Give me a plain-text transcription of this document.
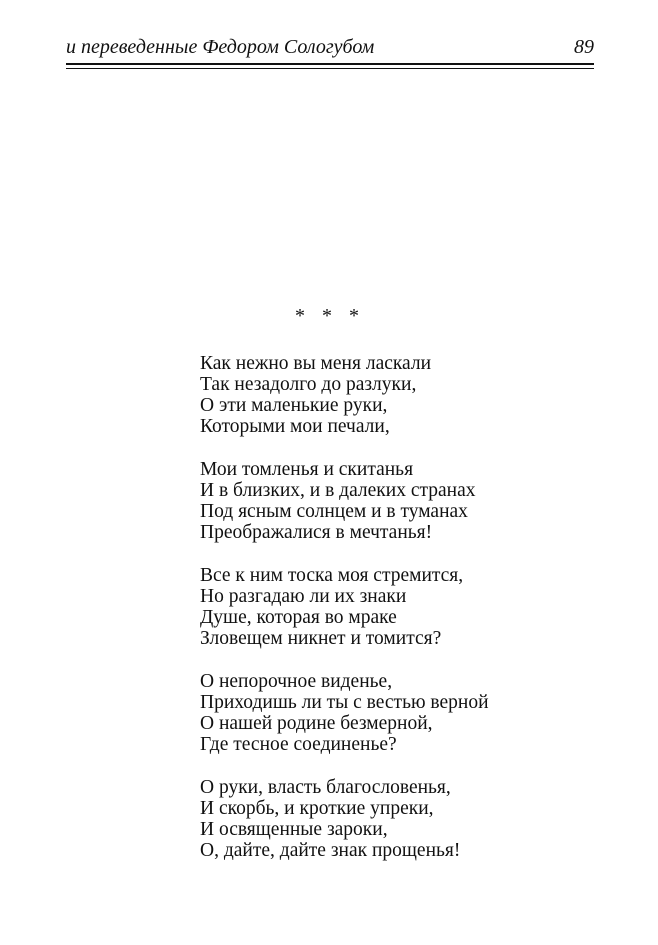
и переведенные Федором Сологубом	89
* * *
Как нежно вы меня ласкали
Так незадолго до разлуки,
О эти маленькие руки,
Которыми мои печали,
Мои томленья и скитанья
И в близких, и в далеких странах
Под ясным солнцем и в туманах
Преображалися в мечтанья!
Все к ним тоска моя стремится,
Но разгадаю ли их знаки
Душе, которая во мраке
Зловещем никнет и томится?
О непорочное виденье,
Приходишь ли ты с вестью верной
О нашей родине безмерной,
Где тесное соединенье?
О руки, власть благословенья,
И скорбь, и кроткие упреки,
И освященные зароки,
О, дайте, дайте знак прощенья!
